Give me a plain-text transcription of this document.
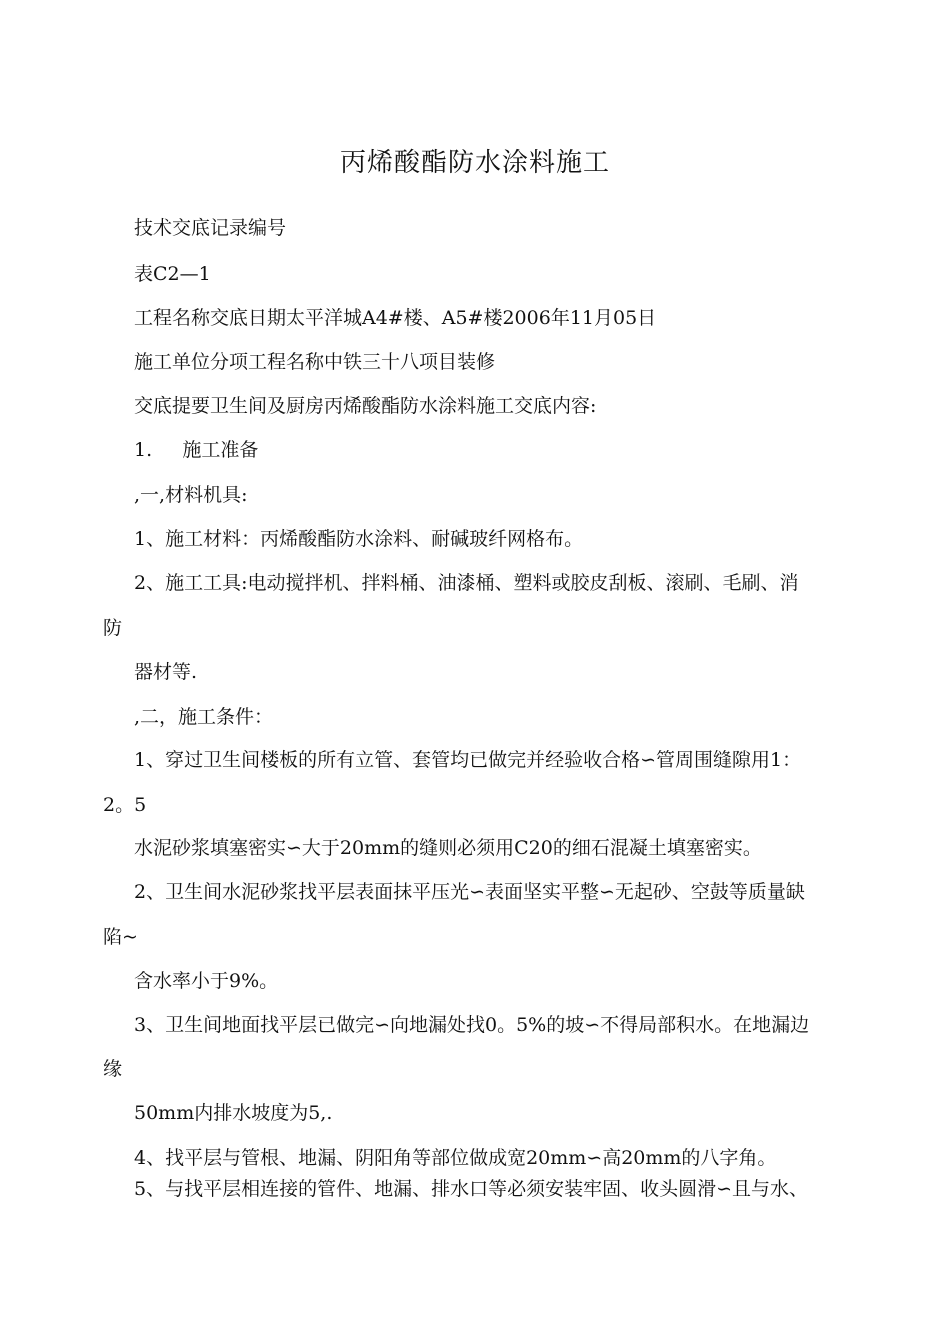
丙烯酸酯防水涂料施工
技术交底记录编号
表C2—1
工程名称交底日期太平洋城A4#楼、A5#楼2006年11月05日
施工单位分项工程名称中铁三十八项目装修
交底提要卫生间及厨房丙烯酸酯防水涂料施工交底内容:
1.     施工准备
,一,材料机具:
1、施工材料：丙烯酸酯防水涂料、耐碱玻纤网格布。
2、施工工具:电动搅拌机、拌料桶、油漆桶、塑料或胶皮刮板、滚刷、毛刷、消
防
器材等.
,二，施工条件：
1、穿过卫生间楼板的所有立管、套管均已做完并经验收合格∽管周围缝隙用1：
2。5
水泥砂浆填塞密实∽大于20mm的缝则必须用C20的细石混凝土填塞密实。
2、卫生间水泥砂浆找平层表面抹平压光∽表面坚实平整∽无起砂、空鼓等质量缺
陷~
含水率小于9%。
3、卫生间地面找平层已做完∽向地漏处找0。5%的坡∽不得局部积水。在地漏边
缘
50mm内排水坡度为5,.
4、找平层与管根、地漏、阴阳角等部位做成宽20mm∽高20mm的八字角。
5、与找平层相连接的管件、地漏、排水口等必须安装牢固、收头圆滑∽且与水、
